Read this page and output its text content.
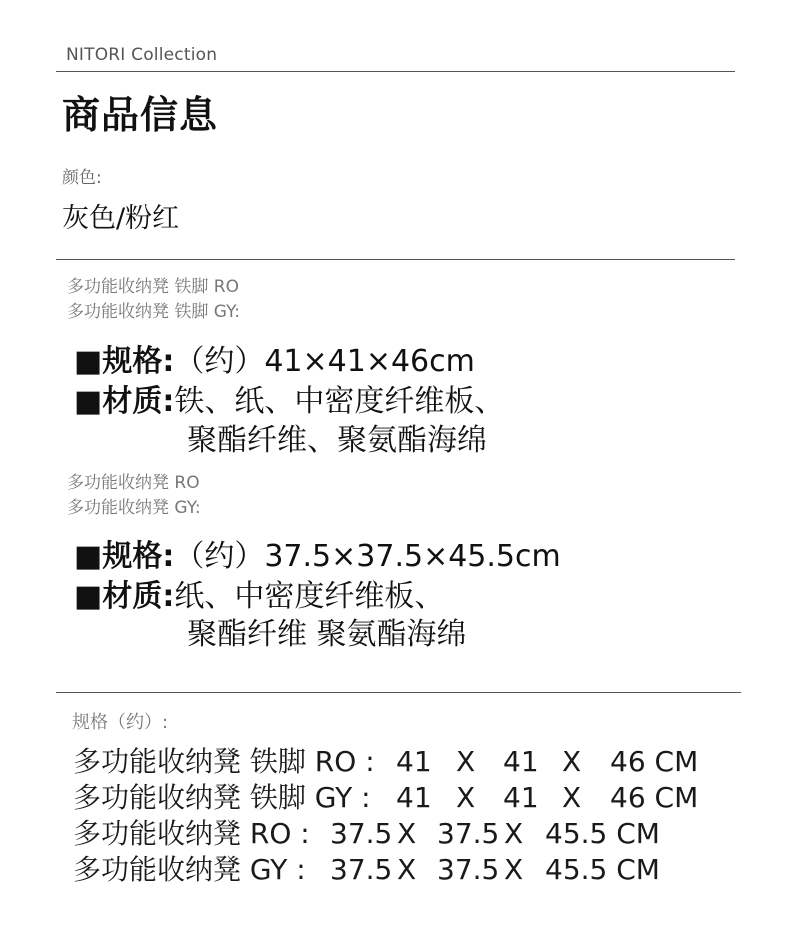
NITORI Collection
商品信息
颜色:
灰色/粉红
多功能收纳凳 铁脚 RO
多功能收纳凳 铁脚 GY:
■规格:（约）41×41×46cm
■材质:铁、纸、中密度纤维板、
聚酯纤维、聚氨酯海绵
多功能收纳凳 RO
多功能收纳凳 GY:
■规格:（约）37.5×37.5×45.5cm
■材质:纸、中密度纤维板、
聚酯纤维 聚氨酯海绵
规格（约）:
多功能收纳凳 铁脚 RO : 41 X 41 X 46 CM
多功能收纳凳 铁脚 GY : 41 X 41 X 46 CM
多功能收纳凳 RO : 37.5 X 37.5 X 45.5 CM
多功能收纳凳 GY : 37.5 X 37.5 X 45.5 CM
